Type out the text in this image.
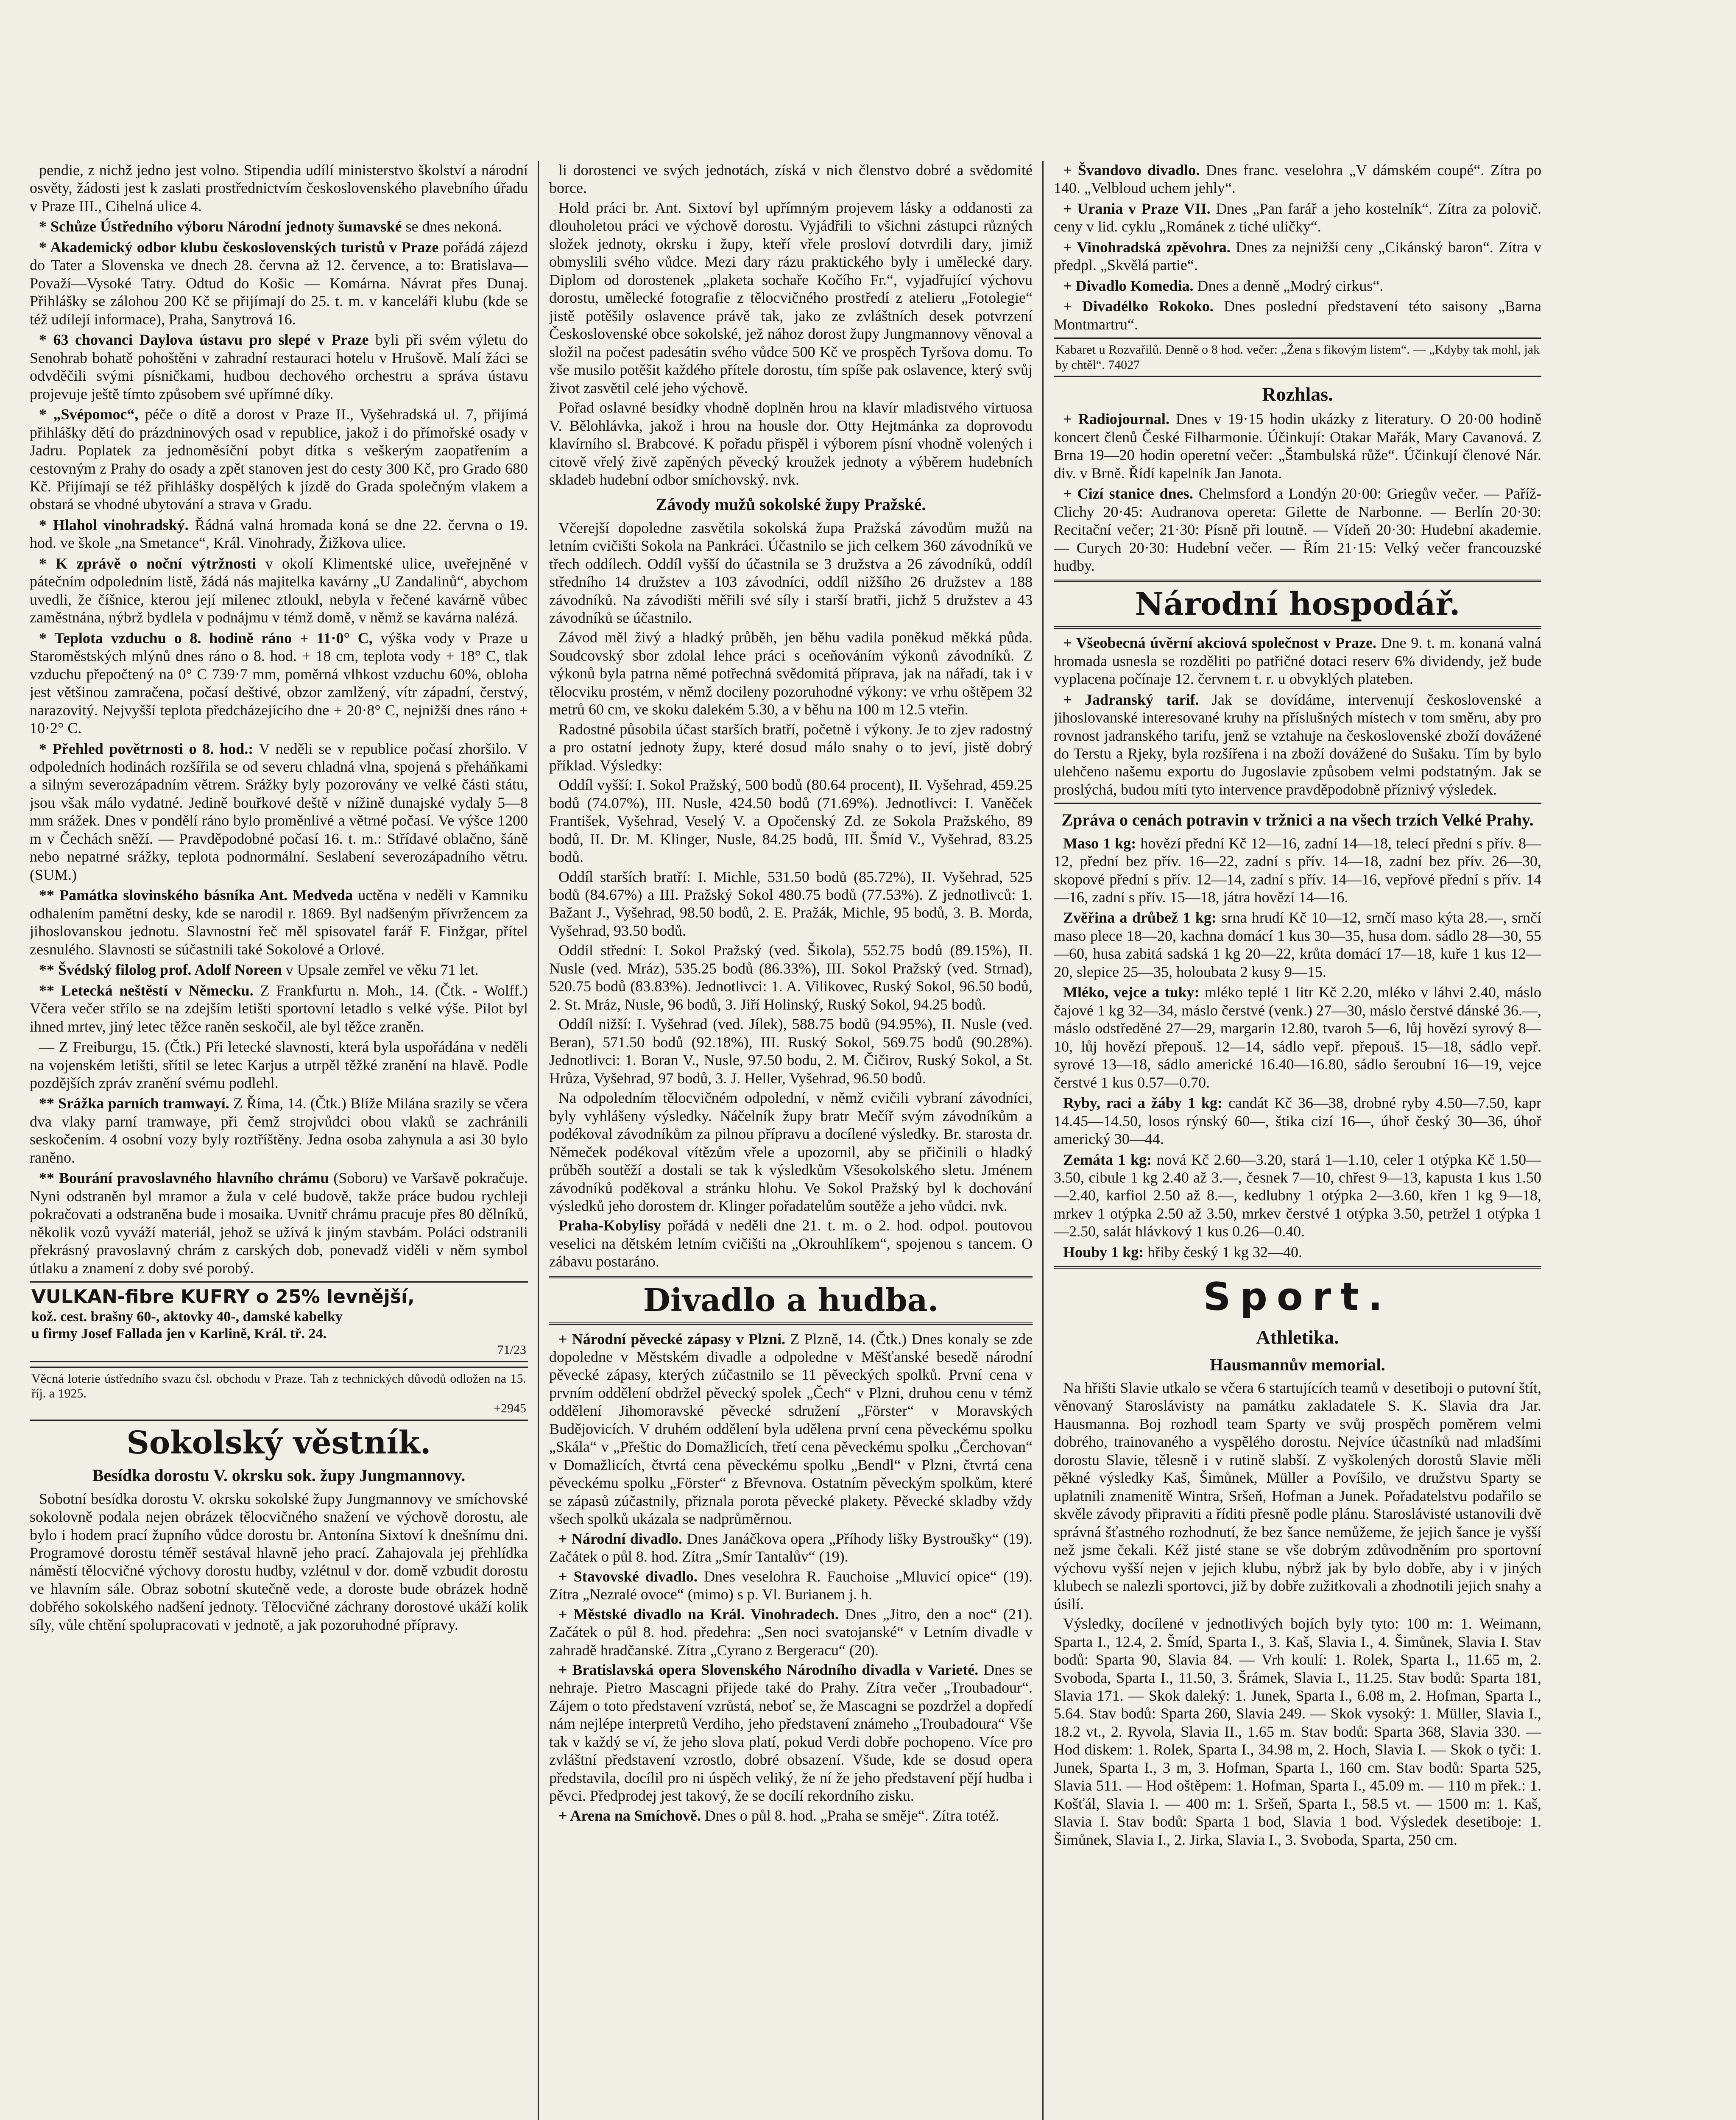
pendie, z nichž jedno jest volno. Stipendia udílí ministerstvo školství a národní osvěty, žádosti jest k zaslati prostřednictvím československého plavebního úřadu v Praze III., Cihelná ulice 4.

* Schůze Ústředního výboru Národní jednoty šumavské se dnes nekoná.

* Akademický odbor klubu československých turistů v Praze pořádá zájezd do Tater a Slovenska ve dnech 28. června až 12. července, a to: Bratislava—Považí—Vysoké Tatry. Odtud do Košic — Komárna. Návrat přes Dunaj. Přihlášky se zálohou 200 Kč se přijímají do 25. t. m. v kanceláři klubu (kde se též udílejí informace), Praha, Sanytrová 16.

* 63 chovanci Daylova ústavu pro slepé v Praze byli při svém výletu do Senohrab bohatě pohoštěni v zahradní restauraci hotelu v Hrušově. Malí žáci se odvděčili svými písničkami, hudbou dechového orchestru a správa ústavu projevuje ještě tímto způsobem své upřímné díky.

* „Svépomoc“, péče o dítě a dorost v Praze II., Vyšehradská ul. 7, přijímá přihlášky dětí do prázdninových osad v republice, jakož i do přímořské osady v Jadru. Poplatek za jednoměsíční pobyt dítka s veškerým zaopatřením a cestovným z Prahy do osady a zpět stanoven jest do cesty 300 Kč, pro Grado 680 Kč. Přijímají se též přihlášky dospělých k jízdě do Grada společným vlakem a obstará se vhodné ubytování a strava v Gradu.

* Hlahol vinohradský. Řádná valná hromada koná se dne 22. června o 19. hod. ve škole „na Smetance“, Král. Vinohrady, Žižkova ulice.

* K zprávě o noční výtržnosti v okolí Klimentské ulice, uveřejněné v pátečním odpoledním listě, žádá nás majitelka kavárny „U Zandalinů“, abychom uvedli, že číšnice, kterou její milenec ztloukl, nebyla v řečené kavárně vůbec zaměstnána, nýbrž bydlela v podnájmu v témž domě, v němž se kavárna nalézá.

* Teplota vzduchu o 8. hodině ráno + 11·0° C, výška vody v Praze u Staroměstských mlýnů dnes ráno o 8. hod. + 18 cm, teplota vody + 18° C, tlak vzduchu přepočtený na 0° C 739·7 mm, poměrná vlhkost vzduchu 60%, obloha jest většinou zamračena, počasí deštivé, obzor zamlžený, vítr západní, čerstvý, narazovitý. Nejvyšší teplota předcházejícího dne + 20·8° C, nejnižší dnes ráno + 10·2° C.

* Přehled povětrnosti o 8. hod.: V neděli se v republice počasí zhoršilo. V odpoledních hodinách rozšířila se od severu chladná vlna, spojená s přeháňkami a silným severozápadním větrem. Srážky byly pozorovány ve velké části státu, jsou však málo vydatné. Jedině bouřkové deště v nížině dunajské vydaly 5—8 mm srážek. Dnes v pondělí ráno bylo proměnlivé a větrné počasí. Ve výšce 1200 m v Čechách sněží. — Pravděpodobné počasí 16. t. m.: Střídavé oblačno, šáně nebo nepatrné srážky, teplota podnormální. Seslabení severozápadního větru. (SUM.)

** Památka slovinského básníka Ant. Medveda uctěna v neděli v Kamniku odhalením pamětní desky, kde se narodil r. 1869. Byl nadšeným přívržencem za jihoslovanskou jednotu. Slavnostní řeč měl spisovatel farář F. Finžgar, přítel zesnulého. Slavnosti se súčastnili také Sokolové a Orlové.

** Švédský filolog prof. Adolf Noreen v Upsale zemřel ve věku 71 let.

** Letecká neštěstí v Německu. Z Frankfurtu n. Moh., 14. (Čtk. - Wolff.) Včera večer střílo se na zdejším letišti sportovní letadlo s velké výše. Pilot byl ihned mrtev, jiný letec těžce raněn seskočil, ale byl těžce zraněn.

— Z Freiburgu, 15. (Čtk.) Při letecké slavnosti, která byla uspořádána v neděli na vojenském letišti, sřítil se letec Karjus a utrpěl těžké zranění na hlavě. Podle pozdějších zpráv zranění svému podlehl.

** Srážka parních tramwayí. Z Říma, 14. (Čtk.) Blíže Milána srazily se včera dva vlaky parní tramwaye, při čemž strojvůdci obou vlaků se zachránili seskočením. 4 osobní vozy byly roztříštěny. Jedna osoba zahynula a asi 30 bylo raněno.

** Bourání pravoslavného hlavního chrámu (Soboru) ve Varšavě pokračuje. Nyni odstraněn byl mramor a žula v celé budově, takže práce budou rychleji pokračovati a odstraněna bude i mosaika. Uvnitř chrámu pracuje přes 80 dělníků, několik vozů vyváží materiál, jehož se užívá k jiným stavbám. Poláci odstranili překrásný pravoslavný chrám z carských dob, ponevadž viděli v něm symbol útlaku a znamení z doby své porobý.

VULKAN-fibre KUFRY o 25% levnější,
kož. cest. brašny 60-, aktovky 40-, damské kabelky
u firmy Josef Fallada jen v Karlině, Král. tř. 24.
71/23
Věcná loterie ústředního svazu čsl. obchodu v Praze. Tah z technických důvodů odložen na 15. říj. a 1925.
+2945
Sokolský věstník.
Besídka dorostu V. okrsku sok. župy Jungmannovy.

Sobotní besídka dorostu V. okrsku sokolské župy Jungmannovy ve smíchovské sokolovně podala nejen obrázek tělocvičného snažení ve výchově dorostu, ale bylo i hodem prací župního vůdce dorostu br. Antonína Sixtoví k dnešnímu dni. Programové dorostu téměř sestával hlavně jeho prací. Zahajovala jej přehlídka náměstí tělocvičné výchovy dorostu hudby, vzlétnul v dor. domě vzbudit dorostu ve hlavním sále. Obraz sobotní skutečně vede, a doroste bude obrázek hodně dobřého sokolského nadšení jednoty. Tělocvičné záchrany dorostové ukáží kolik síly, vůle chtění spolupracovati v jednotě, a jak pozoruhodné přípravy.

li dorostenci ve svých jednotách, získá v nich členstvo dobré a svědomité borce.

Hold práci br. Ant. Sixtoví byl upřímným projevem lásky a oddanosti za dlouholetou práci ve výchově dorostu. Vyjádřili to všichni zástupci různých složek jednoty, okrsku i župy, kteří vřele prosloví dotvrdili dary, jimiž obmyslili svého vůdce. Mezi dary rázu praktického byly i umělecké dary. Diplom od dorostenek „plaketa sochaře Kočího Fr.“, vyjadřující výchovu dorostu, umělecké fotografie z tělocvičného prostředí z atelieru „Fotolegie“ jistě potěšily oslavence právě tak, jako ze zvláštních desek potvrzení Československé obce sokolské, jež nához dorost župy Jungmannovy věnoval a složil na počest padesátin svého vůdce 500 Kč ve prospěch Tyršova domu. To vše musilo potěšit každého přítele dorostu, tím spíše pak oslavence, který svůj život zasvětil celé jeho výchově.

Pořad oslavné besídky vhodně doplněn hrou na klavír mladistvého virtuosa V. Bělohlávka, jakož i hrou na housle dor. Otty Hejtmánka za doprovodu klavírního sl. Brabcové. K pořadu přispěl i výborem písní vhodně volených i citově vřelý živě zapěných pěvecký kroužek jednoty a výběrem hudebních skladeb hudební odbor smíchovský. nvk.

Závody mužů sokolské župy Pražské.

Včerejší dopoledne zasvětila sokolská župa Pražská závodům mužů na letním cvičišti Sokola na Pankráci. Účastnilo se jich celkem 360 závodníků ve třech oddílech. Oddíl vyšší do účastnila se 3 družstva a 26 závodníků, oddíl středního 14 družstev a 103 závodníci, oddíl nižšího 26 družstev a 188 závodníků. Na závodišti měřili své síly i starší bratři, jichž 5 družstev a 43 závodníků se účastnilo.

Závod měl živý a hladký průběh, jen běhu vadila poněkud měkká půda. Soudcovský sbor zdolal lehce práci s oceňováním výkonů závodníků. Z výkonů byla patrna němé potřechná svědomitá příprava, jak na nářadí, tak i v tělocviku prostém, v němž docileny pozoruhodné výkony: ve vrhu oštěpem 32 metrů 60 cm, ve skoku dalekém 5.30, a v běhu na 100 m 12.5 vteřin.

Radostné působila účast starších bratří, početně i výkony. Je to zjev radostný a pro ostatní jednoty župy, které dosud málo snahy o to jeví, jistě dobrý příklad. Výsledky:

Oddíl vyšší: I. Sokol Pražský, 500 bodů (80.64 procent), II. Vyšehrad, 459.25 bodů (74.07%), III. Nusle, 424.50 bodů (71.69%). Jednotlivci: I. Vaněček František, Vyšehrad, Veselý V. a Opočenský Zd. ze Sokola Pražského, 89 bodů, II. Dr. M. Klinger, Nusle, 84.25 bodů, III. Šmíd V., Vyšehrad, 83.25 bodů.

Oddíl starších bratří: I. Michle, 531.50 bodů (85.72%), II. Vyšehrad, 525 bodů (84.67%) a III. Pražský Sokol 480.75 bodů (77.53%). Z jednotlivců: 1. Bažant J., Vyšehrad, 98.50 bodů, 2. E. Pražák, Michle, 95 bodů, 3. B. Morda, Vyšehrad, 93.50 bodů.

Oddíl střední: I. Sokol Pražský (ved. Šikola), 552.75 bodů (89.15%), II. Nusle (ved. Mráz), 535.25 bodů (86.33%), III. Sokol Pražský (ved. Strnad), 520.75 bodů (83.83%). Jednotlivci: 1. A. Vilikovec, Ruský Sokol, 96.50 bodů, 2. St. Mráz, Nusle, 96 bodů, 3. Jiří Holinský, Ruský Sokol, 94.25 bodů.

Oddíl nižší: I. Vyšehrad (ved. Jílek), 588.75 bodů (94.95%), II. Nusle (ved. Beran), 571.50 bodů (92.18%), III. Ruský Sokol, 569.75 bodů (90.28%). Jednotlivci: 1. Boran V., Nusle, 97.50 bodu, 2. M. Čičirov, Ruský Sokol, a St. Hrůza, Vyšehrad, 97 bodů, 3. J. Heller, Vyšehrad, 96.50 bodů.

Na odpoledním tělocvičném odpolední, v němž cvičili vybraní závodníci, byly vyhlášeny výsledky. Náčelník župy bratr Mečíř svým závodníkům a podékoval závodníkům za pilnou přípravu a docílené výsledky. Br. starosta dr. Němeček podékoval vítězům vřele a upozornil, aby se přičinili o hladký průběh soutěží a dostali se tak k výsledkům Všesokolského sletu. Jménem závodníků poděkoval a stránku hlohu. Ve Sokol Pražský byl k dochování výsledků jeho dorostem dr. Klinger pořadatelům soutěže a jeho vůdci. nvk.

Praha-Kobylisy pořádá v neděli dne 21. t. m. o 2. hod. odpol. poutovou veselici na dětském letním cvičišti na „Okrouhlíkem“, spojenou s tancem. O zábavu postaráno.

Divadlo a hudba.

+ Národní pěvecké zápasy v Plzni. Z Plzně, 14. (Čtk.) Dnes konaly se zde dopoledne v Městském divadle a odpoledne v Měšťanské besedě národní pěvecké zápasy, kterých zúčastnilo se 11 pěveckých spolků. První cena v prvním oddělení obdržel pěvecký spolek „Čech“ v Plzni, druhou cenu v témž oddělení Jihomoravské pěvecké sdružení „Förster“ v Moravských Budějovicích. V druhém oddělení byla udělena první cena pěveckému spolku „Skála“ v „Přeštic do Domažlicích, třetí cena pěveckému spolku „Čerchovan“ v Domažlicích, čtvrtá cena pěveckému spolku „Bendl“ v Plzni, čtvrtá cena pěveckému spolku „Förster“ z Břevnova. Ostatním pěveckým spolkům, které se zápasů zúčastnily, přiznala porota pěvecké plakety. Pěvecké skladby vždy všech spolků ukázala se nadprůměrnou.

+ Národní divadlo. Dnes Janáčkova opera „Příhody lišky Bystroušky“ (19). Začátek o půl 8. hod. Zítra „Smír Tantalův“ (19).

+ Stavovské divadlo. Dnes veselohra R. Fauchoise „Mluvicí opice“ (19). Zítra „Nezralé ovoce“ (mimo) s p. Vl. Burianem j. h.

+ Městské divadlo na Král. Vinohradech. Dnes „Jitro, den a noc“ (21). Začátek o půl 8. hod. předehra: „Sen noci svatojanské“ v Letním divadle v zahradě hradčanské. Zítra „Cyrano z Bergeracu“ (20).

+ Bratislavská opera Slovenského Národního divadla v Varieté. Dnes se nehraje. Pietro Mascagni přijede také do Prahy. Zítra večer „Troubadour“. Zájem o toto představení vzrůstá, neboť se, že Mascagni se pozdržel a dopředí nám nejlépe interpretů Verdiho, jeho představení známeho „Troubadoura“ Vše tak v každý se ví, že jeho slova platí, pokud Verdi dobře pochopeno. Více pro zvláštní představení vzrostlo, dobré obsazení. Všude, kde se dosud opera představila, docílil pro ni úspěch veliký, že ní že jeho představení pějí hudba i pěvci. Předprodej jest takový, že se docílí rekordního zisku.

+ Arena na Smíchově. Dnes o půl 8. hod. „Praha se směje“. Zítra totéž.

+ Švandovo divadlo. Dnes franc. veselohra „V dámském coupé“. Zítra po 140. „Velbloud uchem jehly“.

+ Urania v Praze VII. Dnes „Pan farář a jeho kostelník“. Zítra za polovič. ceny v lid. cyklu „Románek z tiché uličky“.

+ Vinohradská zpěvohra. Dnes za nejnižší ceny „Cikánský baron“. Zítra v předpl. „Skvělá partie“.

+ Divadlo Komedia. Dnes a denně „Modrý cirkus“.

+ Divadélko Rokoko. Dnes poslední představení této saisony „Barna Montmartru“.

Kabaret u Rozvařilů. Denně o 8 hod. večer: „Žena s fikovým listem“. — „Kdyby tak mohl, jak by chtěl“. 74027
Rozhlas.

+ Radiojournal. Dnes v 19·15 hodin ukázky z literatury. O 20·00 hodině koncert členů České Filharmonie. Účinkují: Otakar Mařák, Mary Cavanová. Z Brna 19—20 hodin operetní večer: „Štambulská růže“. Účinkují členové Nár. div. v Brně. Řídí kapelník Jan Janota.

+ Cizí stanice dnes. Chelmsford a Londýn 20·00: Griegův večer. — Paříž-Clichy 20·45: Audranova opereta: Gilette de Narbonne. — Berlín 20·30: Recitační večer; 21·30: Písně při loutně. — Vídeň 20·30: Hudební akademie. — Curych 20·30: Hudební večer. — Řím 21·15: Velký večer francouzské hudby.

Národní hospodář.

+ Všeobecná úvěrní akciová společnost v Praze. Dne 9. t. m. konaná valná hromada usnesla se rozděliti po patřičné dotaci reserv 6% dividendy, jež bude vyplacena počínaje 12. červnem t. r. u obvyklých plateben.

+ Jadranský tarif. Jak se dovídáme, intervenují československé a jihoslovanské interesované kruhy na příslušných místech v tom směru, aby pro rovnost jadranského tarifu, jenž se vztahuje na československé zboží dovážené do Terstu a Rjeky, byla rozšířena i na zboží dovážené do Sušaku. Tím by bylo ulehčeno našemu exportu do Jugoslavie způsobem velmi podstatným. Jak se proslýchá, budou míti tyto intervence pravděpodobně příznivý výsledek.

Zpráva o cenách potravin v tržnici a na všech trzích Velké Prahy.

Maso 1 kg: hovězí přední Kč 12—16, zadní 14—18, telecí přední s přív. 8—12, přední bez přív. 16—22, zadní s přív. 14—18, zadní bez přív. 26—30, skopové přední s přív. 12—14, zadní s přív. 14—16, vepřové přední s přív. 14—16, zadní s přív. 15—18, játra hovězí 14—16.

Zvěřina a drůbež 1 kg: srna hrudí Kč 10—12, srnčí maso kýta 28.—, srnčí maso plece 18—20, kachna domácí 1 kus 30—35, husa dom. sádlo 28—30, 55—60, husa zabitá sadská 1 kg 20—22, krůta domácí 17—18, kuře 1 kus 12—20, slepice 25—35, holoubata 2 kusy 9—15.

Mléko, vejce a tuky: mléko teplé 1 litr Kč 2.20, mléko v láhvi 2.40, máslo čajové 1 kg 32—34, máslo čerstvé (venk.) 27—30, máslo čerstvé dánské 36.—, máslo odstředěné 27—29, margarin 12.80, tvaroh 5—6, lůj hovězí syrový 8—10, lůj hovězí přepouš. 12—14, sádlo vepř. přepouš. 15—18, sádlo vepř. syrové 13—18, sádlo americké 16.40—16.80, sádlo šeroubní 16—19, vejce čerstvé 1 kus 0.57—0.70.

Ryby, raci a žáby 1 kg: candát Kč 36—38, drobné ryby 4.50—7.50, kapr 14.45—14.50, losos rýnský 60—, štika cizí 16—, úhoř český 30—36, úhoř americký 30—44.

Zemáta 1 kg: nová Kč 2.60—3.20, stará 1—1.10, celer 1 otýpka Kč 1.50—3.50, cibule 1 kg 2.40 až 3.—, česnek 7—10, chřest 9—13, kapusta 1 kus 1.50—2.40, karfiol 2.50 až 8.—, kedlubny 1 otýpka 2—3.60, křen 1 kg 9—18, mrkev 1 otýpka 2.50 až 3.50, mrkev čerstvé 1 otýpka 3.50, petržel 1 otýpka 1—2.50, salát hlávkový 1 kus 0.26—0.40.

Houby 1 kg: hřiby český 1 kg 32—40.

Sport.
Athletika.
Hausmannův memorial.

Na hřišti Slavie utkalo se včera 6 startujících teamů v desetiboji o putovní štít, věnovaný Staroslávisty na památku zakladatele S. K. Slavia dra Jar. Hausmanna. Boj rozhodl team Sparty ve svůj prospěch poměrem velmi dobrého, trainovaného a vyspělého dorostu. Nejvíce účastníků nad mladšími dorostu Slavie, tělesně i v rutině slabší. Z vyškolených dorostů Slavie měli pěkné výsledky Kaš, Šimůnek, Müller a Povíšilo, ve družstvu Sparty se uplatnili znamenitě Wintra, Sršeň, Hofman a Junek. Pořadatelstvu podařilo se skvěle závody připraviti a říditi přesně podle plánu. Staroslávisté ustanovili dvě správná šťastného rozhodnutí, že bez šance nemůžeme, že jejich šance je vyšší než jsme čekali. Kéž jisté stane se vše dobrým zdůvodněním pro sportovní výchovu vyšší nejen v jejich klubu, nýbrž jak by bylo dobře, aby i v jiných klubech se nalezli sportovci, již by dobře zužitkovali a zhodnotili jejich snahy a úsilí.

Výsledky, docílené v jednotlivých bojích byly tyto: 100 m: 1. Weimann, Sparta I., 12.4, 2. Šmíd, Sparta I., 3. Kaš, Slavia I., 4. Šimůnek, Slavia I. Stav bodů: Sparta 90, Slavia 84. — Vrh koulí: 1. Rolek, Sparta I., 11.65 m, 2. Svoboda, Sparta I., 11.50, 3. Šrámek, Slavia I., 11.25. Stav bodů: Sparta 181, Slavia 171. — Skok daleký: 1. Junek, Sparta I., 6.08 m, 2. Hofman, Sparta I., 5.64. Stav bodů: Sparta 260, Slavia 249. — Skok vysoký: 1. Müller, Slavia I., 18.2 vt., 2. Ryvola, Slavia II., 1.65 m. Stav bodů: Sparta 368, Slavia 330. — Hod diskem: 1. Rolek, Sparta I., 34.98 m, 2. Hoch, Slavia I. — Skok o tyči: 1. Junek, Sparta I., 3 m, 3. Hofman, Sparta I., 160 cm. Stav bodů: Sparta 525, Slavia 511. — Hod oštěpem: 1. Hofman, Sparta I., 45.09 m. — 110 m přek.: 1. Košťál, Slavia I. — 400 m: 1. Sršeň, Sparta I., 58.5 vt. — 1500 m: 1. Kaš, Slavia I. Stav bodů: Sparta 1 bod, Slavia 1 bod. Výsledek desetiboje: 1. Šimůnek, Slavia I., 2. Jirka, Slavia I., 3. Svoboda, Sparta, 250 cm.
